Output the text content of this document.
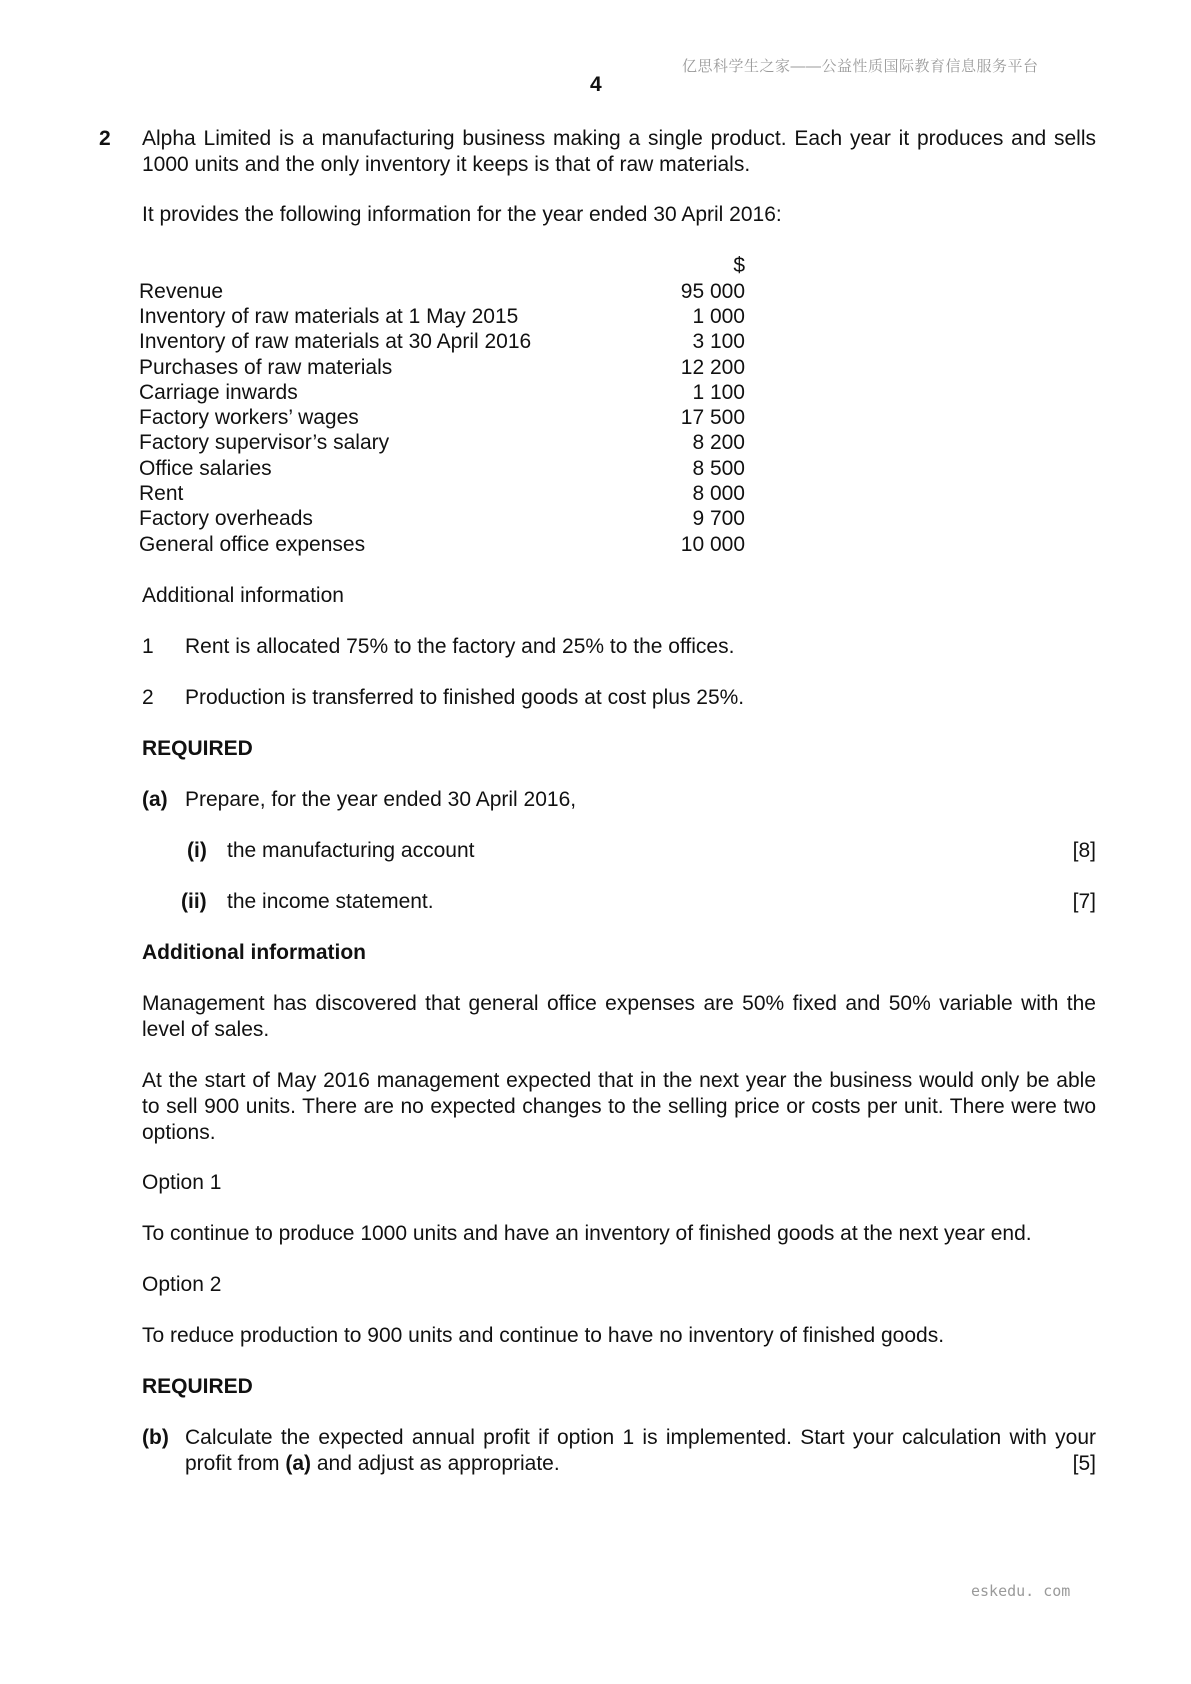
亿思科学生之家——公益性质国际教育信息服务平台
4
2 Alpha Limited is a manufacturing business making a single product. Each year it produces and sells 1000 units and the only inventory it keeps is that of raw materials.
It provides the following information for the year ended 30 April 2016:
$
Revenue	95 000
Inventory of raw materials at 1 May 2015	1 000
Inventory of raw materials at 30 April 2016	3 100
Purchases of raw materials	12 200
Carriage inwards	1 100
Factory workers’ wages	17 500
Factory supervisor’s salary	8 200
Office salaries	8 500
Rent	8 000
Factory overheads	9 700
General office expenses	10 000
Additional information
1 Rent is allocated 75% to the factory and 25% to the offices.
2 Production is transferred to finished goods at cost plus 25%.
REQUIRED
(a) Prepare, for the year ended 30 April 2016,
(i) the manufacturing account	[8]
(ii) the income statement.	[7]
Additional information
Management has discovered that general office expenses are 50% fixed and 50% variable with the level of sales.
At the start of May 2016 management expected that in the next year the business would only be able to sell 900 units. There are no expected changes to the selling price or costs per unit. There were two options.
Option 1
To continue to produce 1000 units and have an inventory of finished goods at the next year end.
Option 2
To reduce production to 900 units and continue to have no inventory of finished goods.
REQUIRED
(b) Calculate the expected annual profit if option 1 is implemented. Start your calculation with your profit from (a) and adjust as appropriate.	[5]
eskedu. com
